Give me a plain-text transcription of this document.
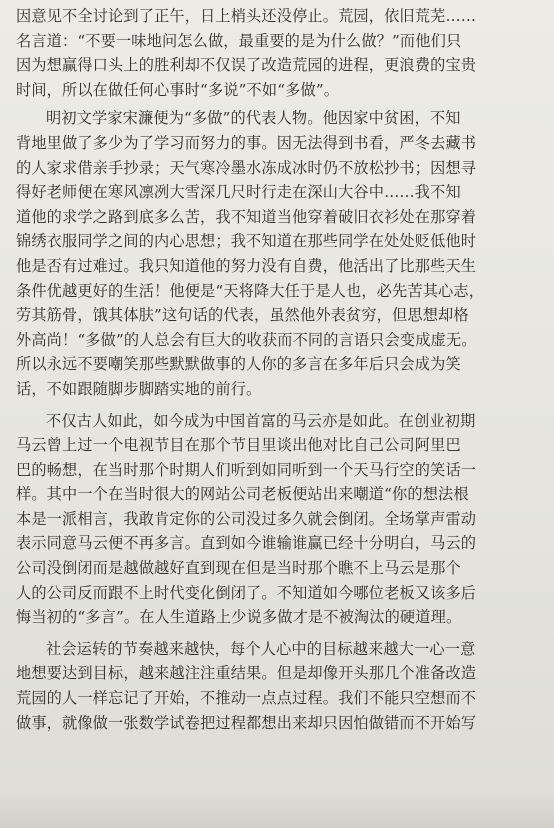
因意见不全讨论到了正午，日上梢头还没停止。荒园，依旧荒芜……
名言道：“不要一味地问怎么做，最重要的是为什么做？”而他们只
因为想赢得口头上的胜利却不仅误了改造荒园的进程，更浪费的宝贵
时间，所以在做任何心事时“多说”不如“多做”。
明初文学家宋濂便为“多做”的代表人物。他因家中贫困，不知
背地里做了多少为了学习而努力的事。因无法得到书看，严冬去藏书
的人家求借亲手抄录；天气寒冷墨水冻成冰时仍不放松抄书；因想寻
得好老师便在寒风凛冽大雪深几尺时行走在深山大谷中……我不知
道他的求学之路到底多么苦，我不知道当他穿着破旧衣衫处在那穿着
锦绣衣服同学之间的内心思想；我不知道在那些同学在处处贬低他时
他是否有过难过。我只知道他的努力没有自费，他活出了比那些天生
条件优越更好的生活！他便是“天将降大任于是人也，必先苦其心志，
劳其筋骨，饿其体肤”这句话的代表，虽然他外表贫穷，但思想却格
外高尚！“多做”的人总会有巨大的收获而不同的言语只会变成虚无。
所以永远不要嘲笑那些默默做事的人你的多言在多年后只会成为笑
话，不如跟随脚步脚踏实地的前行。
不仅古人如此，如今成为中国首富的马云亦是如此。在创业初期
马云曾上过一个电视节目在那个节目里谈出他对比自己公司阿里巴
巴的畅想，在当时那个时期人们听到如同听到一个天马行空的笑话一
样。其中一个在当时很大的网站公司老板便站出来嘲道“你的想法根
本是一派相言，我敢肯定你的公司没过多久就会倒闭。全场掌声雷动
表示同意马云便不再多言。直到如今谁输谁赢已经十分明白，马云的
公司没倒闭而是越做越好直到现在但是当时那个瞧不上马云是那个
人的公司反而跟不上时代变化倒闭了。不知道如今哪位老板又该多后
悔当初的“多言”。在人生道路上少说多做才是不被淘汰的硬道理。
社会运转的节奏越来越快，每个人心中的目标越来越大一心一意
地想要达到目标，越来越注注重结果。但是却像开头那几个准备改造
荒园的人一样忘记了开始，不推动一点点过程。我们不能只空想而不
做事，就像做一张数学试卷把过程都想出来却只因怕做错而不开始写
